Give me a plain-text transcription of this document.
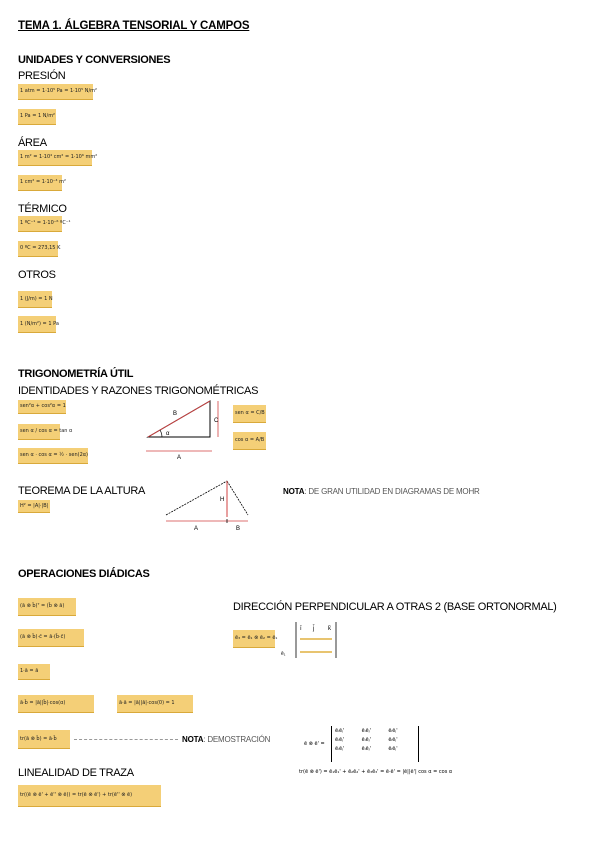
TEMA 1. ÁLGEBRA TENSORIAL Y CAMPOS
UNIDADES Y CONVERSIONES
PRESIÓN
1 atm = 1·10⁵ Pa = 1·10⁵ N/m²
1 Pa = 1 N/m²
ÁREA
1 m² = 1·10⁴ cm² = 1·10⁶ mm²
1 cm² = 1·10⁻⁴ m²
TÉRMICO
1 ºC⁻¹ = 1·10⁻⁶ ºC⁻¹
0 ºC = 273,15 K
OTROS
1 (J/m) = 1 N
1 (N/m²) = 1 Pa
TRIGONOMETRÍA ÚTIL
IDENTIDADES Y RAZONES TRIGONOMÉTRICAS
sen²α + cos²α = 1
sen α / cos α = tan α
sen α · cos α = ½ · sen(2α)
B
C
A
α
sen α = C/B
cos α = A/B
TEOREMA DE LA ALTURA
H² = |A|·|B|
H
A	B
NOTA: DE GRAN UTILIDAD EN DIAGRAMAS DE MOHR
OPERACIONES DIÁDICAS
(ā ⊗ b̄)ᵀ = (b̄ ⊗ ā)
(ā ⊗ b̄)·c̄ = ā·(b̄·c̄)
1·ā = ā
ā·b̄ = |ā||b̄|·cos(α)	ā·ā = |ā||ā|·cos(0) = 1
tr(ā ⊗ b̄) = ā·b̄	NOTA: DEMOSTRACIÓN
DIRECCIÓN PERPENDICULAR A OTRAS 2 (BASE ORTONORMAL)
ē₃ = ē₁ ⊗ ē₂ = ē₁
ī j̄ k̄
ē₁
ē ⊗ ē' =
ēᵢēⱼ'	ēᵢēⱼ'	ēᵢēⱼ'
ēᵢēⱼ'	ēᵢēⱼ'	ēᵢēⱼ'
ēᵢēⱼ'	ēᵢēⱼ'	ēᵢēⱼ'
tr(ē ⊗ ē') = ē₁ē₁' + ē₂ē₂' + ē₃ē₃' = ē·ē' = |ē||ē'| cos α = cos α
LINEALIDAD DE TRAZA
tr((ē ⊗ ē' + ē'' ⊗ ē)) = tr(ē ⊗ ē') + tr(ē'' ⊗ ē)
